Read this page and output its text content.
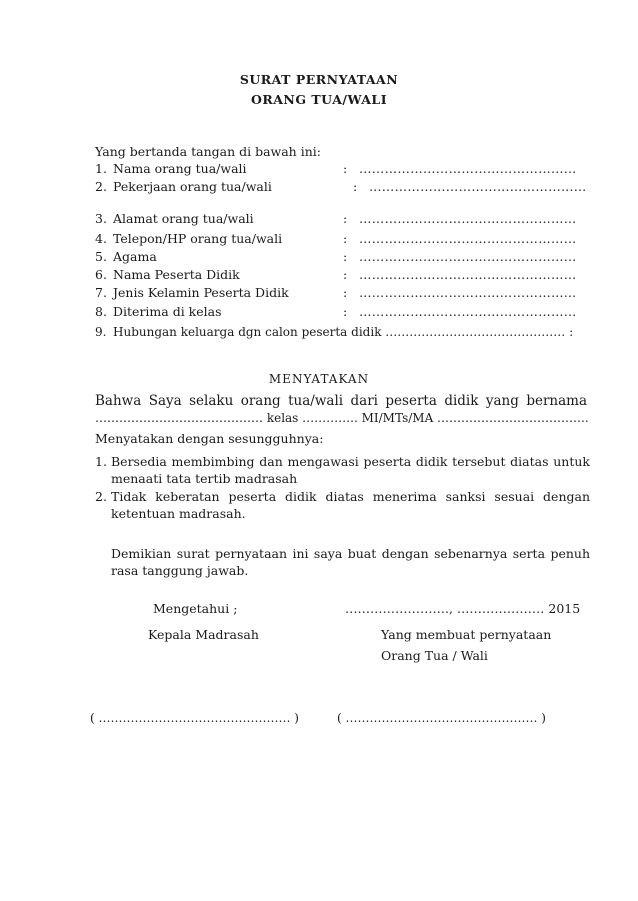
SURAT PERNYATAAN
ORANG TUA/WALI
Yang bertanda tangan di bawah ini:
1. Nama orang tua/wali	: ……………………………………………
2. Pekerjaan orang tua/wali	: ……………………………………………
3. Alamat orang tua/wali	: ……………………………………………
4. Telepon/HP orang tua/wali	: ……………………………………………
5. Agama	: ……………………………………………
6. Nama Peserta Didik	: ……………………………………………
7. Jenis Kelamin Peserta Didik	: ……………………………………………
8. Diterima di kelas	: ……………………………………………
9. Hubungan keluarga dgn calon peserta didik ……………………………………… :
MENYATAKAN
Bahwa Saya selaku orang tua/wali dari peserta didik yang bernama
…………………………………… kelas ………….. MI/MTs/MA ………………………………..
Menyatakan dengan sesungguhnya:
1. Bersedia membimbing dan mengawasi peserta didik tersebut diatas untuk menaati tata tertib madrasah
2. Tidak keberatan peserta didik diatas menerima sanksi sesuai dengan ketentuan madrasah.
Demikian surat pernyataan ini saya buat dengan sebenarnya serta penuh rasa tanggung jawab.
Mengetahui ;	……………………., ………………… 2015
Kepala Madrasah	Yang membuat pernyataan
Orang Tua / Wali
( ………………………………………… )	( ………………………………………… )
